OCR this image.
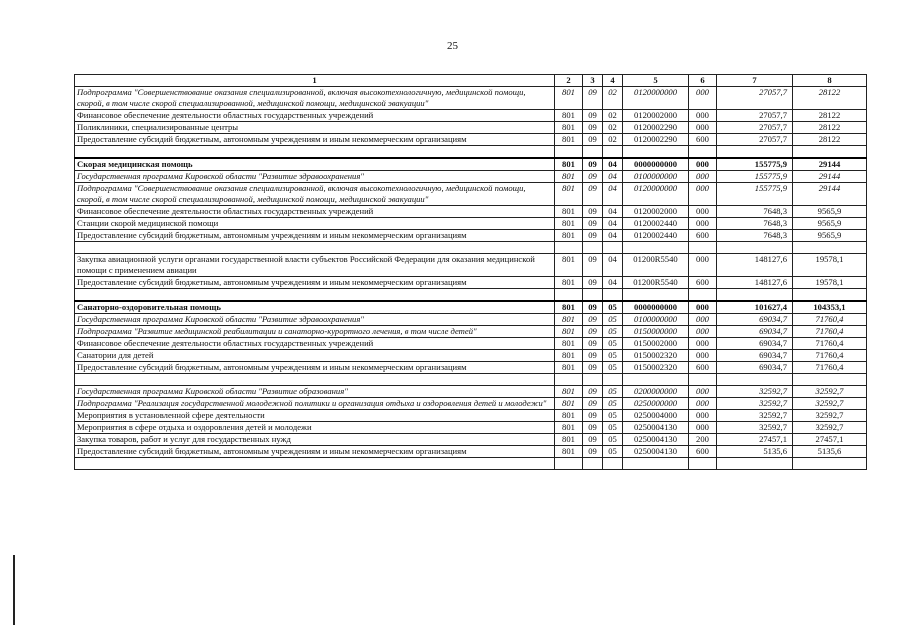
25
1	2	3	4	5	6	7	8
Подпрограмма "Совершенствование оказания специализированной, включая высокотехнологичную, медицинской помощи, скорой, в том числе скорой специализированной, медицинской помощи, медицинской эвакуации"	801	09	02	0120000000	000	27057,7	28122
Финансовое обеспечение деятельности областных государственных учреждений	801	09	02	0120002000	000	27057,7	28122
Поликлиники, специализированные центры	801	09	02	0120002290	000	27057,7	28122
Предоставление субсидий бюджетным, автономным учреждениям и иным некоммерческим организациям	801	09	02	0120002290	600	27057,7	28122

Скорая медицинская помощь	801	09	04	0000000000	000	155775,9	29144
Государственная программа Кировской области "Развитие здравоохранения"	801	09	04	0100000000	000	155775,9	29144
Подпрограмма "Совершенствование оказания специализированной, включая высокотехнологичную, медицинской помощи, скорой, в том числе скорой специализированной, медицинской помощи, медицинской эвакуации"	801	09	04	0120000000	000	155775,9	29144
Финансовое обеспечение деятельности областных государственных учреждений	801	09	04	0120002000	000	7648,3	9565,9
Станции скорой медицинской помощи	801	09	04	0120002440	000	7648,3	9565,9
Предоставление субсидий бюджетным, автономным учреждениям и иным некоммерческим организациям	801	09	04	0120002440	600	7648,3	9565,9

Закупка авиационной услуги органами государственной власти субъектов Российской Федерации для оказания медицинской помощи с применением авиации	801	09	04	01200R5540	000	148127,6	19578,1
Предоставление субсидий бюджетным, автономным учреждениям и иным некоммерческим организациям	801	09	04	01200R5540	600	148127,6	19578,1

Санаторно-оздоровительная помощь	801	09	05	0000000000	000	101627,4	104353,1
Государственная программа Кировской области "Развитие здравоохранения"	801	09	05	0100000000	000	69034,7	71760,4
Подпрограмма "Развитие медицинской реабилитации и санаторно-курортного лечения, в том числе детей"	801	09	05	0150000000	000	69034,7	71760,4
Финансовое обеспечение деятельности областных государственных учреждений	801	09	05	0150002000	000	69034,7	71760,4
Санатории для детей	801	09	05	0150002320	000	69034,7	71760,4
Предоставление субсидий бюджетным, автономным учреждениям и иным некоммерческим организациям	801	09	05	0150002320	600	69034,7	71760,4

Государственная программа Кировской области "Развитие образования"	801	09	05	0200000000	000	32592,7	32592,7
Подпрограмма "Реализация государственной молодежной политики и организация отдыха и оздоровления детей и молодежи"	801	09	05	0250000000	000	32592,7	32592,7
Мероприятия в установленной сфере деятельности	801	09	05	0250004000	000	32592,7	32592,7
Мероприятия в сфере отдыха и оздоровления детей и молодежи	801	09	05	0250004130	000	32592,7	32592,7
Закупка товаров, работ и услуг для государственных нужд	801	09	05	0250004130	200	27457,1	27457,1
Предоставление субсидий бюджетным, автономным учреждениям и иным некоммерческим организациям	801	09	05	0250004130	600	5135,6	5135,6
